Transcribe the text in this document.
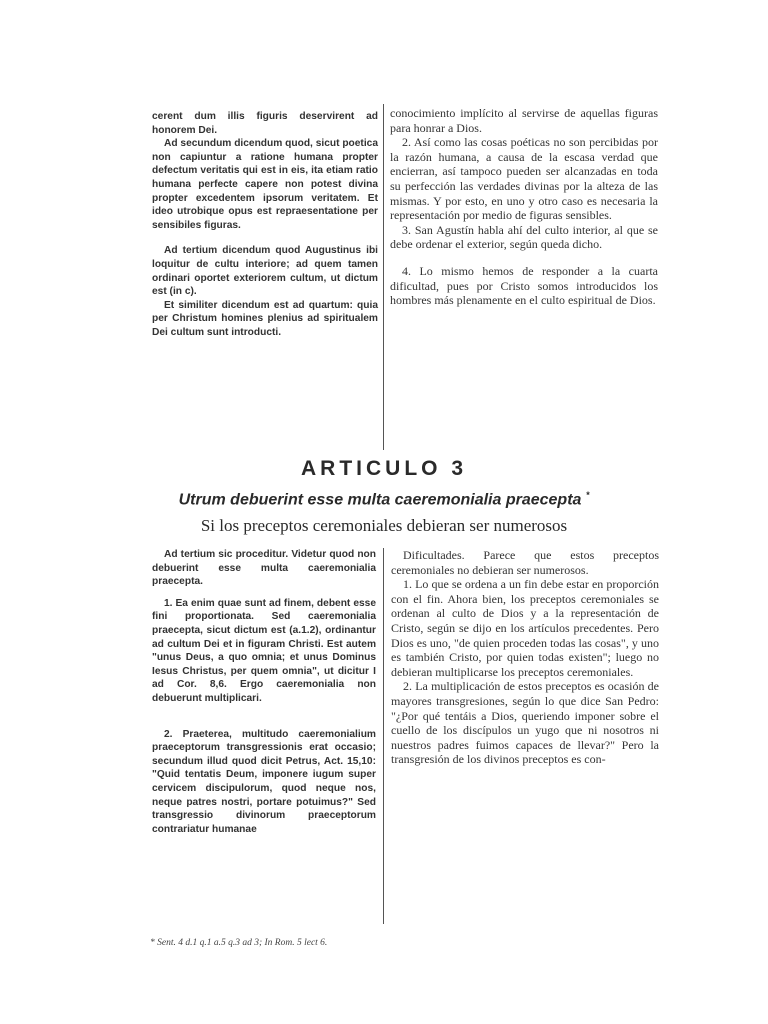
cerent dum illis figuris deservirent ad honorem Dei.

Ad secundum dicendum quod, sicut poetica non capiuntur a ratione humana propter defectum veritatis qui est in eis, ita etiam ratio humana perfecte capere non potest divina propter excedentem ipsorum veritatem. Et ideo utrobique opus est repraesentatione per sensibiles figuras.

Ad tertium dicendum quod Augustinus ibi loquitur de cultu interiore; ad quem tamen ordinari oportet exteriorem cultum, ut dictum est (in c).

Et similiter dicendum est ad quartum: quia per Christum homines plenius ad spiritualem Dei cultum sunt introducti.

conocimiento implícito al servirse de aquellas figuras para honrar a Dios.

2. Así como las cosas poéticas no son percibidas por la razón humana, a causa de la escasa verdad que encierran, así tampoco pueden ser alcanzadas en toda su perfección las verdades divinas por la altezа de las mismas. Y por esto, en uno y otro caso es necesaria la representación por medio de figuras sensibles.

3. San Agustín habla ahí del culto interior, al que se debe ordenar el exterior, según queda dicho.

4. Lo mismo hemos de responder a la cuarta dificultad, pues por Cristo somos introducidos los hombres más plenamente en el culto espiritual de Dios.

ARTICULO 3
Utrum debuerint esse multa caeremonialia praecepta *
Si los preceptos ceremoniales debieran ser numerosos

Ad tertium sic proceditur. Videtur quod non debuerint esse multa caeremonialia praecepta.

1. Ea enim quae sunt ad finem, debent esse fini proportionata. Sed caeremonialia praecepta, sicut dictum est (a.1.2), ordinantur ad cultum Dei et in figuram Christi. Est autem "unus Deus, a quo omnia; et unus Dominus Iesus Christus, per quem omnia", ut dicitur I ad Cor. 8,6. Ergo caeremonialia non debuerunt multiplicari.

2. Praeterea, multitudo caeremonialium praeceptorum transgressionis erat occasio; secundum illud quod dicit Petrus, Act. 15,10: "Quid tentatis Deum, imponere iugum super cervicem discipulorum, quod neque nos, neque patres nostri, portare potuimus?" Sed transgressio divinorum praeceptorum contrariatur humanae

Dificultades. Parece que estos preceptos ceremoniales no debieran ser numerosos.

1. Lo que se ordena a un fin debe estar en proporción con el fin. Ahora bien, los preceptos ceremoniales se ordenan al culto de Dios y a la representación de Cristo, según se dijo en los artículos precedentes. Pero Dios es uno, "de quien proceden todas las cosas", y uno es también Cristo, por quien todas existen"; luego no debieran multiplicarse los preceptos ceremoniales.

2. La multiplicación de estos preceptos es ocasión de mayores transgresiones, según lo que dice San Pedro: "¿Por qué tentáis a Dios, queriendo imponer sobre el cuello de los discípulos un yugo que ni nosotros ni nuestros padres fuimos capaces de llevar?" Pero la transgresión de los divinos preceptos es con-

* Sent. 4 d.1 q.1 a.5 q.3 ad 3; In Rom. 5 lect 6.
